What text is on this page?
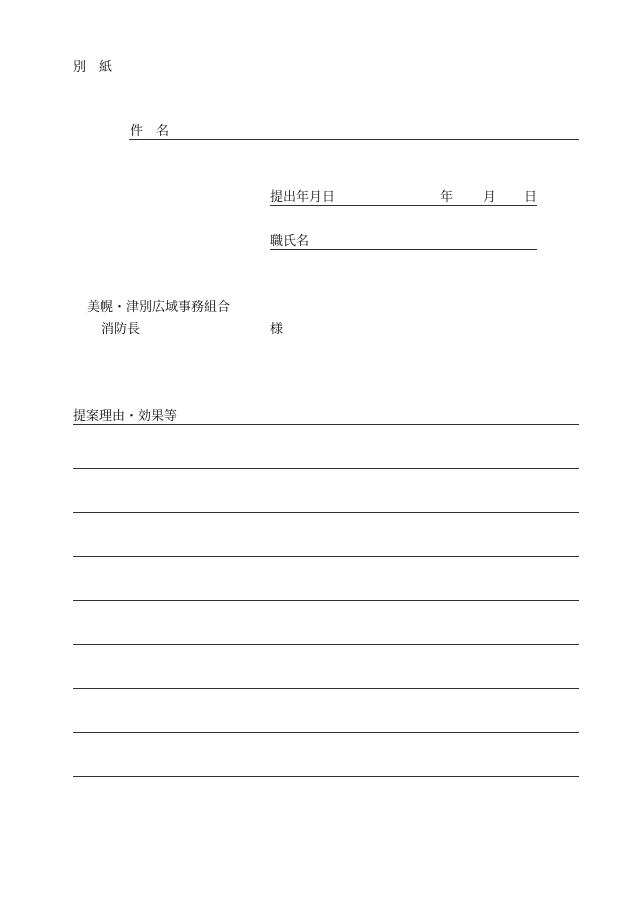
別　紙
件　名
提出年月日	年 月 日
職氏名
美幌・津別広域事務組合
消防長	様
提案理由・効果等
